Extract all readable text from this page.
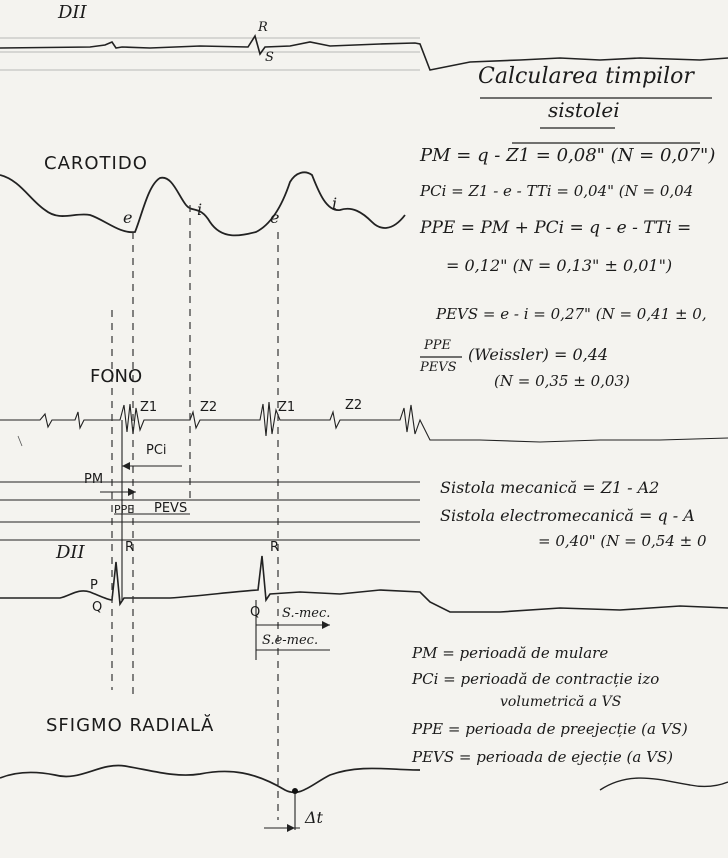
DII
CAROTIDO
FONO
DII
SFIGMO RADIALĂ
R
S
e	i	e
i
Z1	Z2	Z1	Z2
P
Q
R	R
Q
Δt
PCi
PM
PPE PEVS
S.-mec.
S.e-mec.
Calcularea timpilor
sistolei
PM = q - Z1 = 0,08" (N = 0,07")
PCi = Z1 - e - TTi = 0,04" (N = 0,04
PPE = PM + PCi = q - e - TTi =
= 0,12" (N = 0,13" ± 0,01")
PEVS = e - i = 0,27" (N = 0,41 ± 0,
PPE
PEVS
(Weissler) = 0,44
(N = 0,35 ± 0,03)
Sistola mecanică = Z1 - A2
Sistola electromecanică = q - A
= 0,40" (N = 0,54 ± 0
PM = perioadă de mulare
PCi = perioadă de contracție izo
volumetrică a VS
PPE = perioada de preejecție (a VS)
PEVS = perioada de ejecție (a VS)
